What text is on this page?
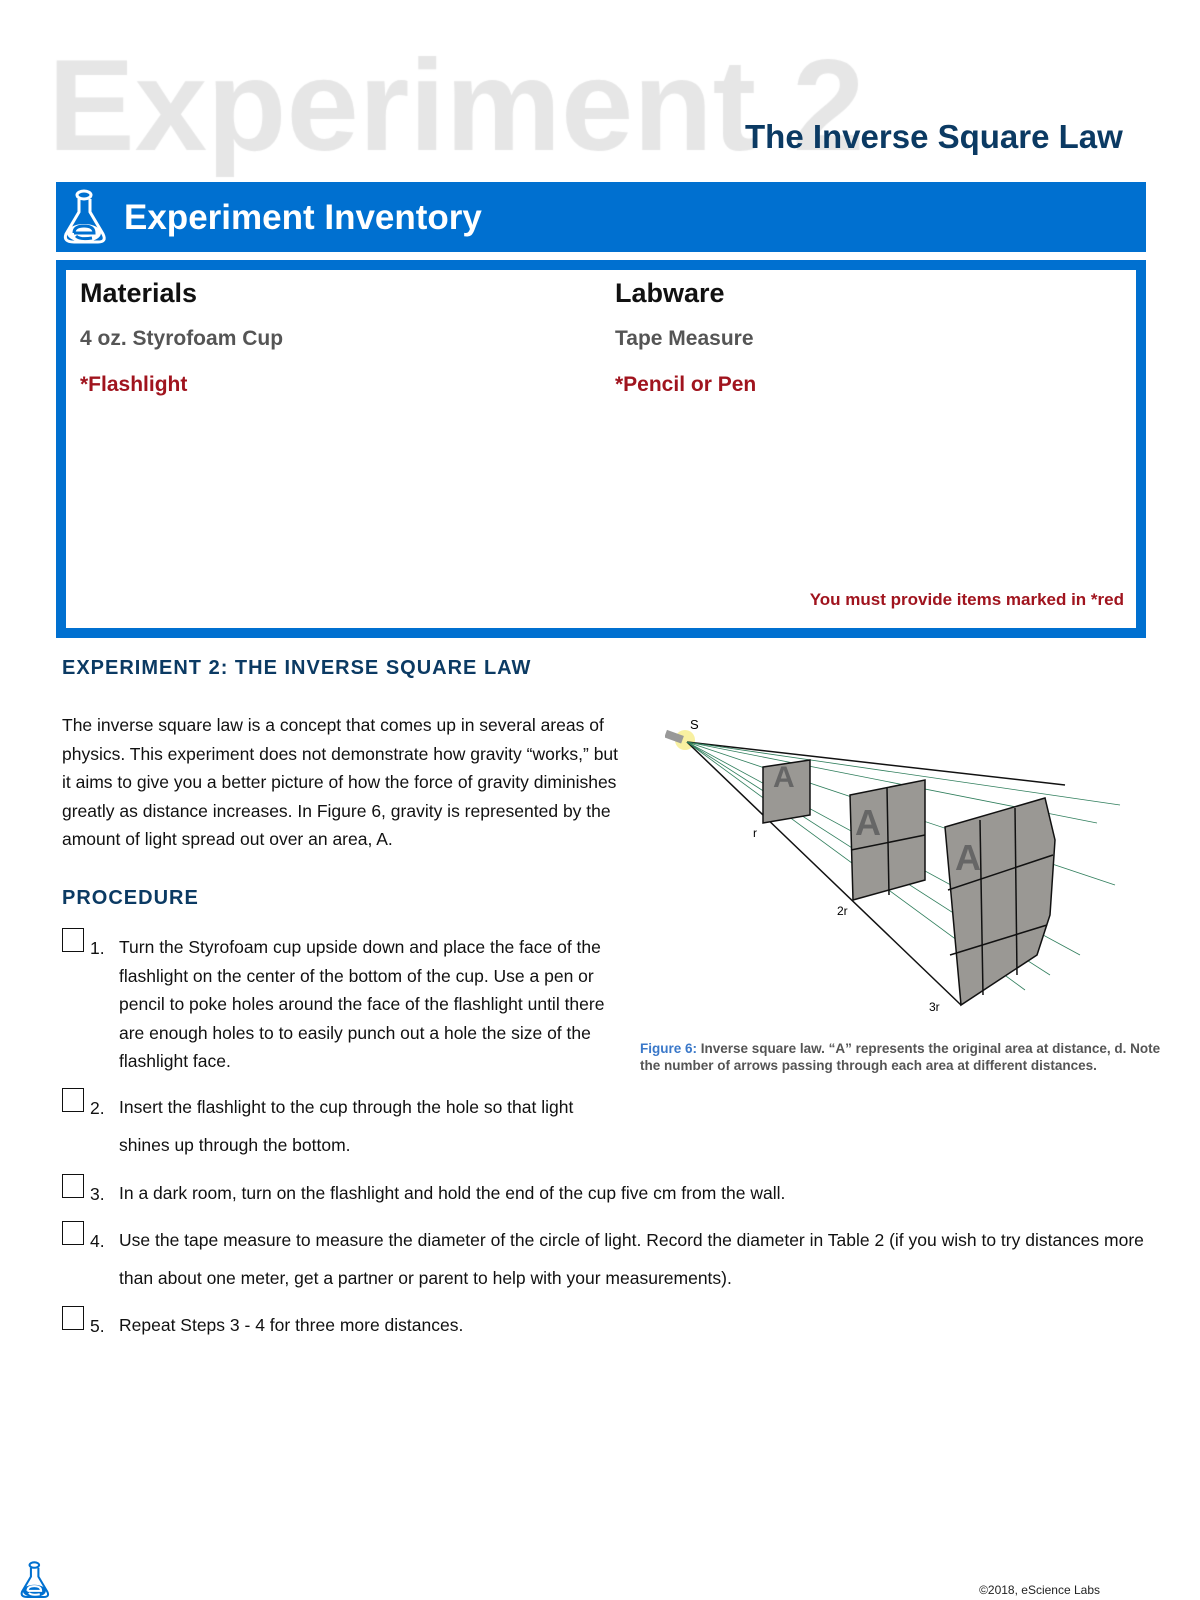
The Inverse Square Law
Experiment Inventory
Materials
4 oz. Styrofoam Cup
*Flashlight
Labware
Tape Measure
*Pencil or Pen
You must provide items marked in *red
EXPERIMENT 2: THE INVERSE SQUARE LAW
The inverse square law is a concept that comes up in several areas of physics. This experiment does not demonstrate how gravity “works,” but it aims to give you a better picture of how the force of gravity diminishes greatly as distance increases. In Figure 6, gravity is represented by the amount of light spread out over an area, A.
PROCEDURE
1. Turn the Styrofoam cup upside down and place the face of the flashlight on the center of the bottom of the cup. Use a pen or pencil to poke holes around the face of the flashlight until there are enough holes to to easily punch out a hole the size of the flashlight face.
2. Insert the flashlight to the cup through the hole so that light shines up through the bottom.
3. In a dark room, turn on the flashlight and hold the end of the cup five cm from the wall.
4. Use the tape measure to measure the diameter of the circle of light. Record the diameter in Table 2 (if you wish to try distances more than about one meter, get a partner or parent to help with your measurements).
5. Repeat Steps 3 - 4 for three more distances.
A
A
A
S
r
2r
3r
Figure 6: Inverse square law. “A” represents the original area at distance, d. Note the number of arrows passing through each area at different distances.
©2018, eScience Labs
